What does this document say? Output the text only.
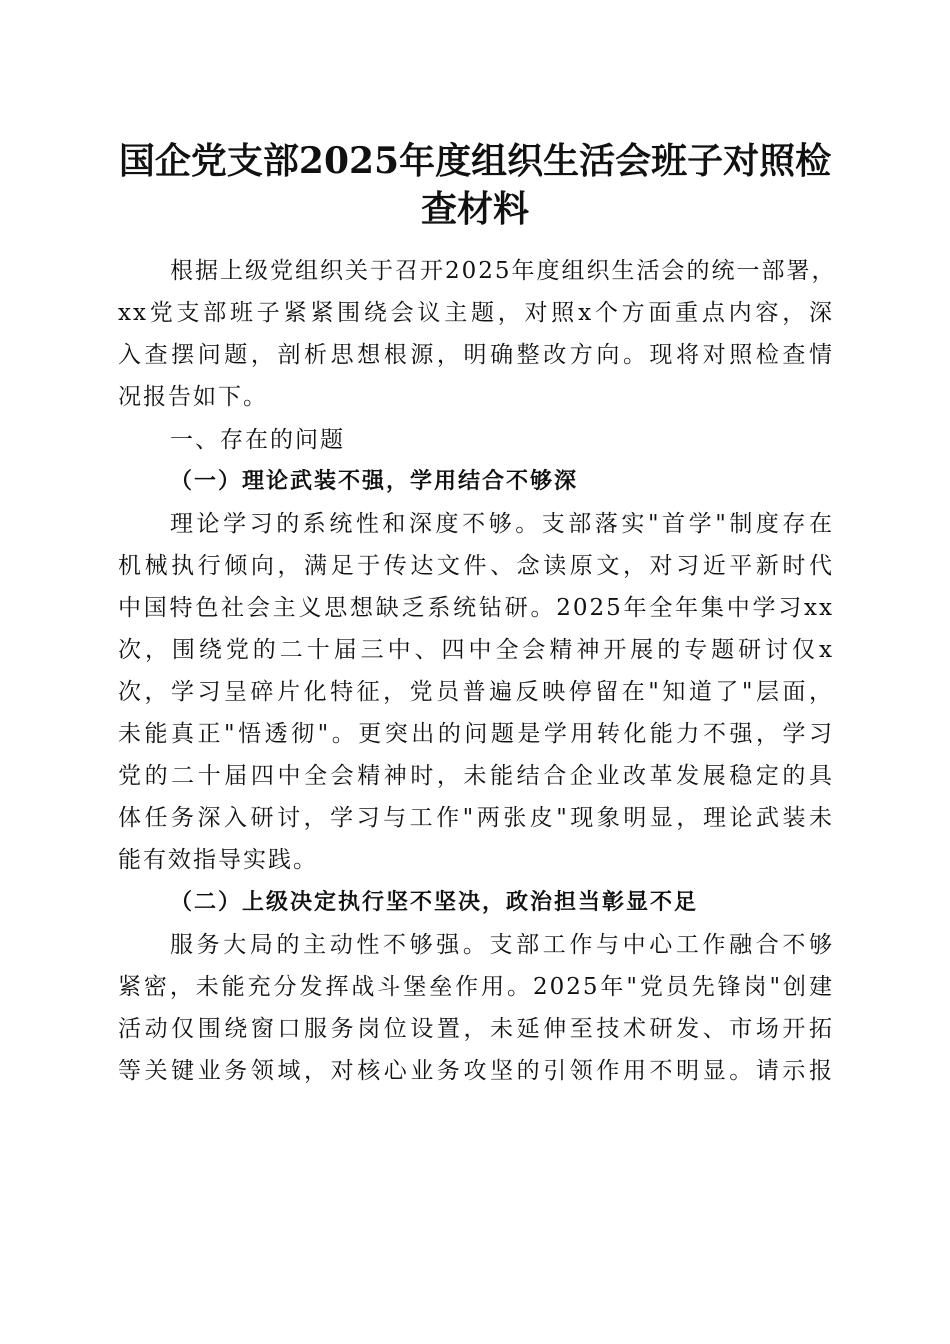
国企党支部2025年度组织生活会班子对照检
查材料
根据上级党组织关于召开2025年度组织生活会的统一部署，
xx党支部班子紧紧围绕会议主题，对照x个方面重点内容，深
入查摆问题，剖析思想根源，明确整改方向。现将对照检查情
况报告如下。
一、存在的问题
（一）理论武装不强，学用结合不够深
理论学习的系统性和深度不够。支部落实"首学"制度存在
机械执行倾向，满足于传达文件、念读原文，对习近平新时代
中国特色社会主义思想缺乏系统钻研。2025年全年集中学习xx
次，围绕党的二十届三中、四中全会精神开展的专题研讨仅x
次，学习呈碎片化特征，党员普遍反映停留在"知道了"层面，
未能真正"悟透彻"。更突出的问题是学用转化能力不强，学习
党的二十届四中全会精神时，未能结合企业改革发展稳定的具
体任务深入研讨，学习与工作"两张皮"现象明显，理论武装未
能有效指导实践。
（二）上级决定执行坚不坚决，政治担当彰显不足
服务大局的主动性不够强。支部工作与中心工作融合不够
紧密，未能充分发挥战斗堡垒作用。2025年"党员先锋岗"创建
活动仅围绕窗口服务岗位设置，未延伸至技术研发、市场开拓
等关键业务领域，对核心业务攻坚的引领作用不明显。请示报
